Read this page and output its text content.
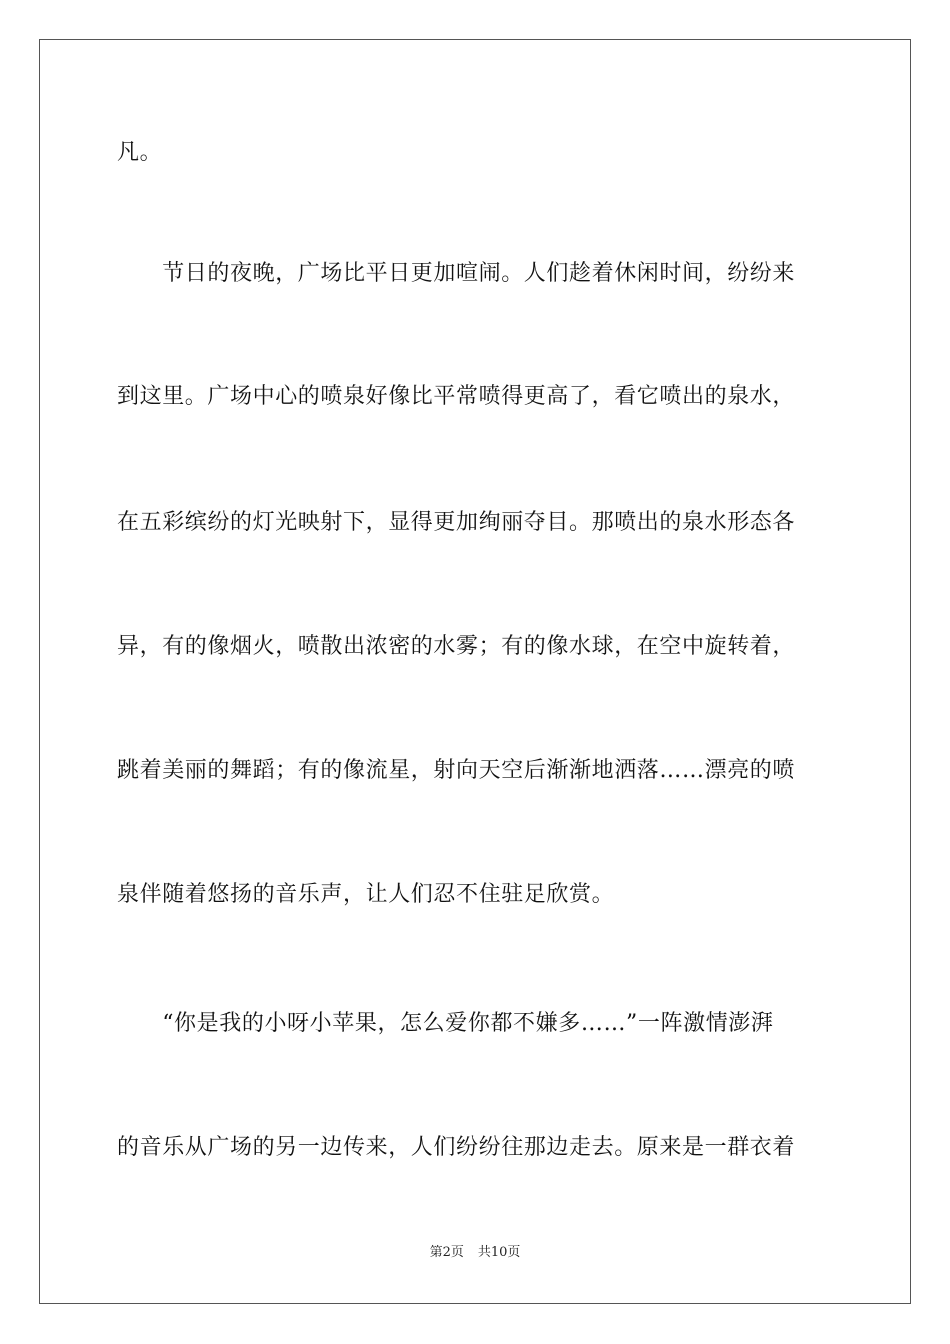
凡。
　　节日的夜晚，广场比平日更加喧闹。人们趁着休闲时间，纷纷来
到这里。广场中心的喷泉好像比平常喷得更高了，看它喷出的泉水，
在五彩缤纷的灯光映射下，显得更加绚丽夺目。那喷出的泉水形态各
异，有的像烟火，喷散出浓密的水雾；有的像水球，在空中旋转着，
跳着美丽的舞蹈；有的像流星，射向天空后渐渐地洒落……漂亮的喷
泉伴随着悠扬的音乐声，让人们忍不住驻足欣赏。
　　“你是我的小呀小苹果，怎么爱你都不嫌多……”一阵激情澎湃
的音乐从广场的另一边传来，人们纷纷往那边走去。原来是一群衣着
第2页 共10页
